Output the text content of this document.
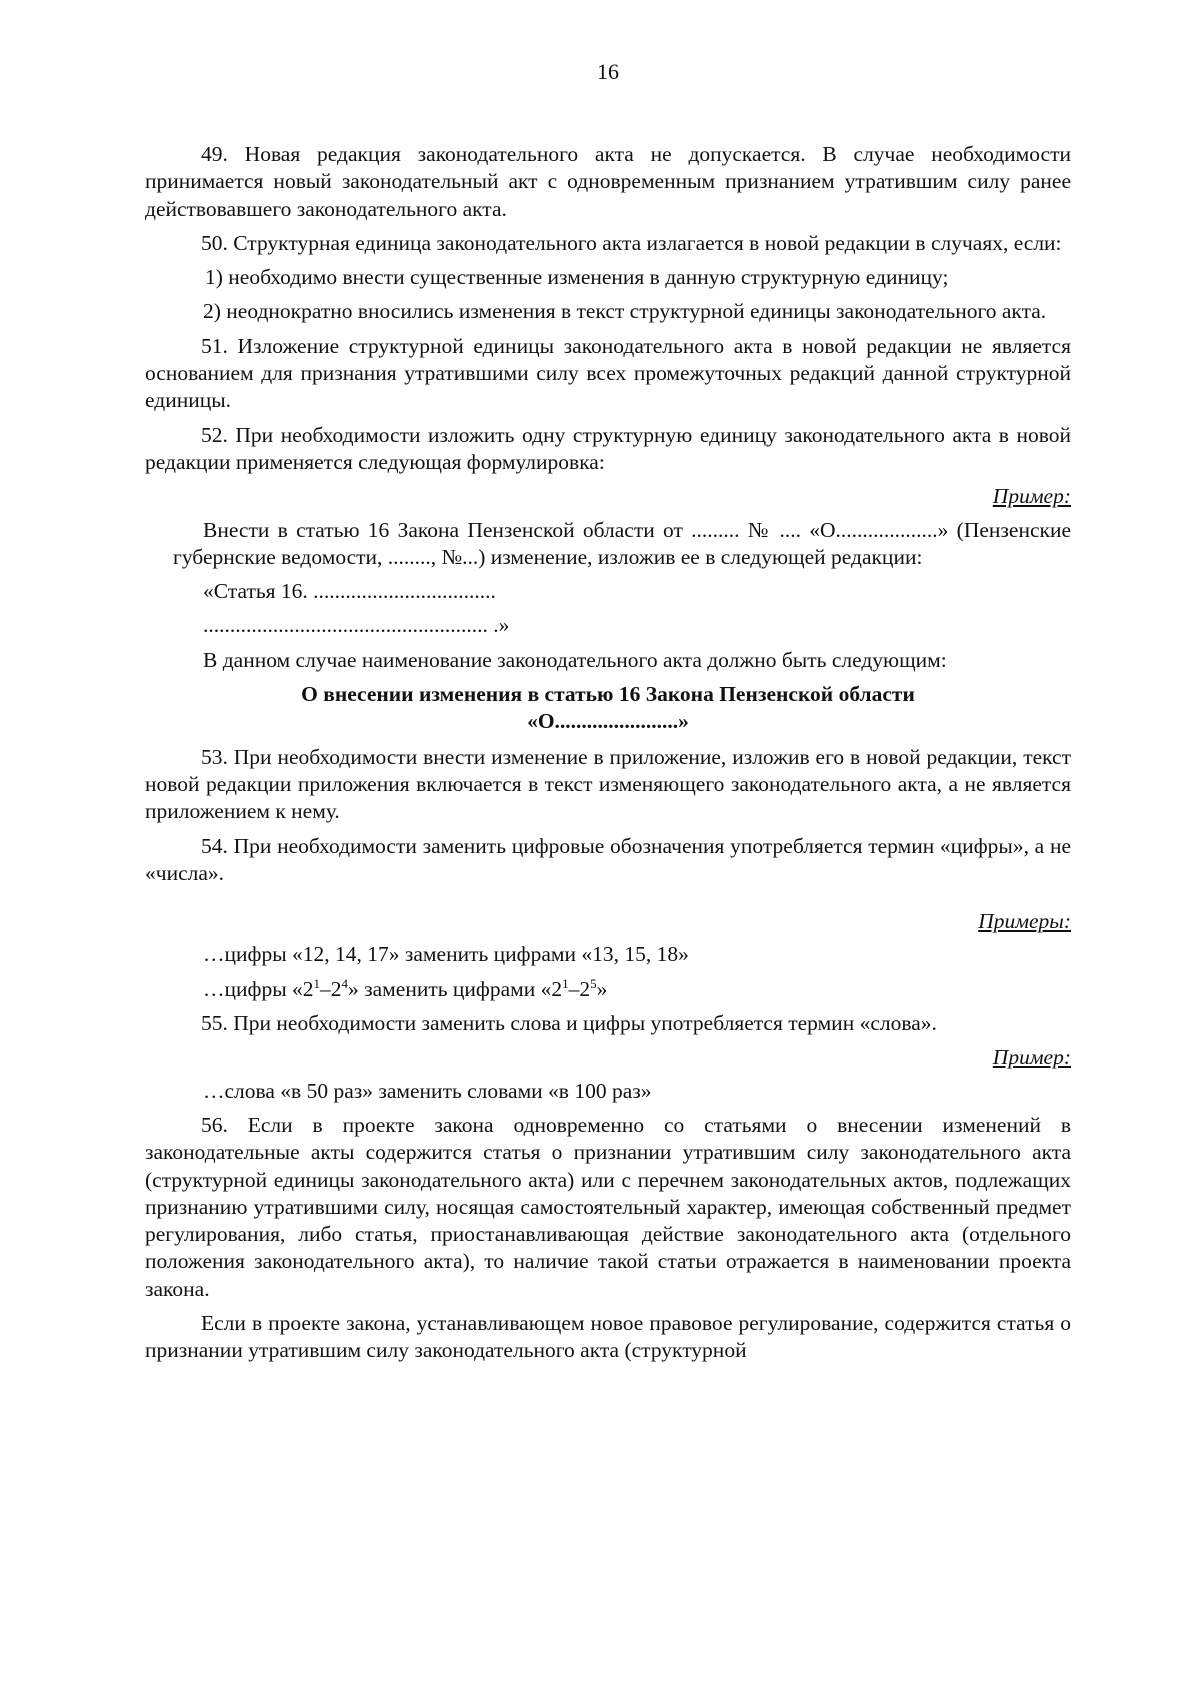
16

49. Новая редакция законодательного акта не допускается. В случае необходимости принимается новый законодательный акт с одновременным признанием утратившим силу ранее действовавшего законодательного акта.

50. Структурная единица законодательного акта излагается в новой редакции в случаях, если:

1) необходимо внести существенные изменения в данную структурную единицу;

2) неоднократно вносились изменения в текст структурной единицы законодательного акта.

51. Изложение структурной единицы законодательного акта в новой редакции не является основанием для признания утратившими силу всех промежуточных редакций данной структурной единицы.

52. При необходимости изложить одну структурную единицу законодательного акта в новой редакции применяется следующая формулировка:

Пример:

Внести в статью 16 Закона Пензенской области от ......... № .... «О...................» (Пензенские губернские ведомости, ........, №...) изменение, изложив ее в следующей редакции:

«Статья 16. ..................................

..................................................... .»

В данном случае наименование законодательного акта должно быть следующим:

О внесении изменения в статью 16 Закона Пензенской области
«О.......................»

53. При необходимости внести изменение в приложение, изложив его в новой редакции, текст новой редакции приложения включается в текст изменяющего законодательного акта, а не является приложением к нему.

54. При необходимости заменить цифровые обозначения употребляется термин «цифры», а не «числа».

Примеры:

…цифры «12, 14, 17» заменить цифрами «13, 15, 18»

…цифры «$2^1-2^4$» заменить цифрами «$2^1-2^5$»

55. При необходимости заменить слова и цифры употребляется термин «слова».

Пример:

…слова «в 50 раз» заменить словами «в 100 раз»

56. Если в проекте закона одновременно со статьями о внесении изменений в законодательные акты содержится статья о признании утратившим силу законодательного акта (структурной единицы законодательного акта) или с перечнем законодательных актов, подлежащих признанию утратившими силу, носящая самостоятельный характер, имеющая собственный предмет регулирования, либо статья, приостанавливающая действие законодательного акта (отдельного положения законодательного акта), то наличие такой статьи отражается в наименовании проекта закона.

Если в проекте закона, устанавливающем новое правовое регулирование, содержится статья о признании утратившим силу законодательного акта (структурной
